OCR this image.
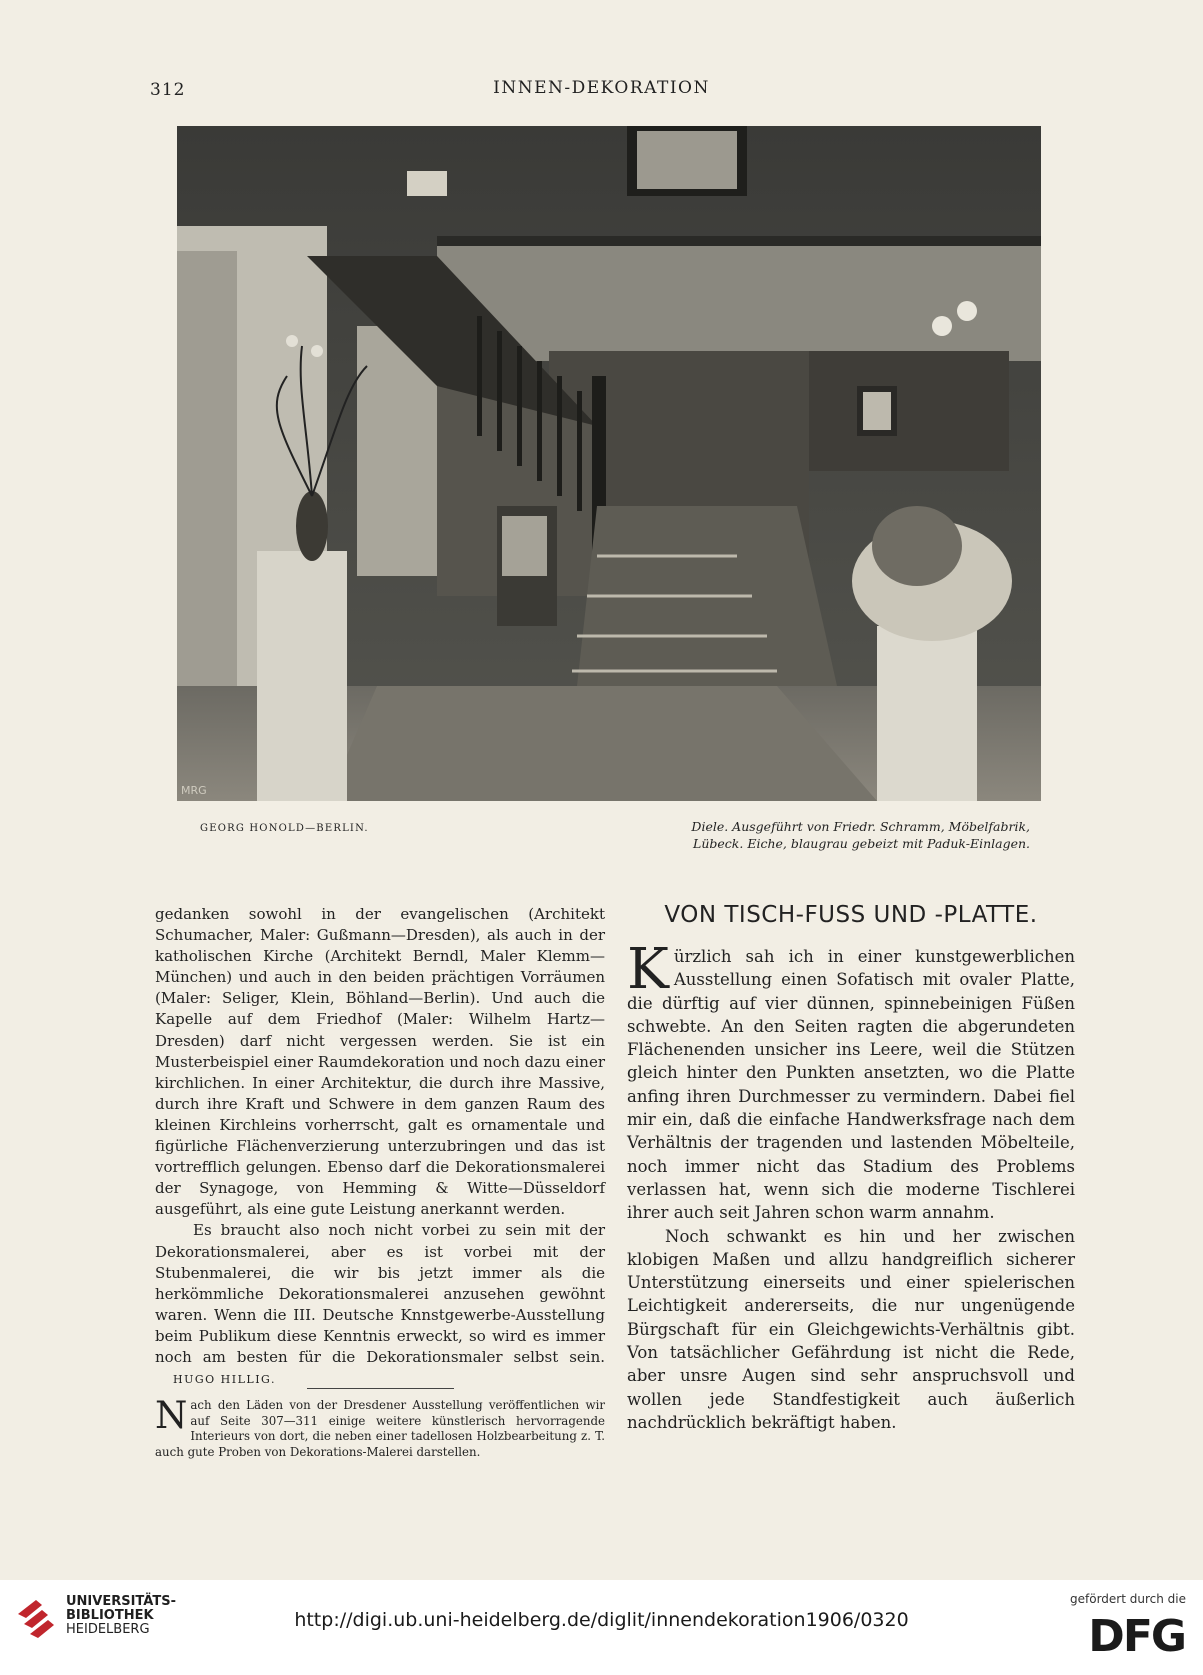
312	INNEN-DEKORATION
MRG
GEORG HONOLD—BERLIN.	Diele. Ausgeführt von Friedr. Schramm, Möbelfabrik,
Lübeck. Eiche, blaugrau gebeizt mit Paduk-Einlagen.

gedanken sowohl in der evangelischen (Architekt Schumacher, Maler: Gußmann—Dresden), als auch in der katholischen Kirche (Architekt Berndl, Maler Klemm—München) und auch in den beiden prächtigen Vorräumen (Maler: Seliger, Klein, Böhland—Berlin). Und auch die Kapelle auf dem Friedhof (Maler: Wilhelm Hartz—Dresden) darf nicht vergessen werden. Sie ist ein Musterbeispiel einer Raumdekoration und noch dazu einer kirchlichen. In einer Architektur, die durch ihre Massive, durch ihre Kraft und Schwere in dem ganzen Raum des kleinen Kirchleins vorherrscht, galt es ornamentale und figürliche Flächenverzierung unterzubringen und das ist vortrefflich gelungen. Ebenso darf die Dekorationsmalerei der Synagoge, von Hemming & Witte—Düsseldorf ausgeführt, als eine gute Leistung anerkannt werden.

Es braucht also noch nicht vorbei zu sein mit der Dekorationsmalerei, aber es ist vorbei mit der Stubenmalerei, die wir bis jetzt immer als die herkömmliche Dekorationsmalerei anzusehen gewöhnt waren. Wenn die III. Deutsche Knnstgewerbe-Ausstellung beim Publikum diese Kenntnis erweckt, so wird es immer noch am besten für die Dekorationsmaler selbst sein. HUGO HILLIG.

N ach den Läden von der Dresdener Ausstellung veröffentlichen wir auf Seite 307—311 einige weitere künstlerisch hervorragende Interieurs von dort, die neben einer tadellosen Holzbearbeitung z. T. auch gute Proben von Dekorations-Malerei darstellen.
VON TISCH-FUSS UND -PLATTE.

K ürzlich sah ich in einer kunstgewerblichen Ausstellung einen Sofatisch mit ovaler Platte, die dürftig auf vier dünnen, spinnebeinigen Füßen schwebte. An den Seiten ragten die abgerundeten Flächenenden unsicher ins Leere, weil die Stützen gleich hinter den Punkten ansetzten, wo die Platte anfing ihren Durchmesser zu vermindern. Dabei fiel mir ein, daß die einfache Handwerksfrage nach dem Verhältnis der tragenden und lastenden Möbelteile, noch immer nicht das Stadium des Problems verlassen hat, wenn sich die moderne Tischlerei ihrer auch seit Jahren schon warm annahm.

Noch schwankt es hin und her zwischen klobigen Maßen und allzu handgreiflich sicherer Unterstützung einerseits und einer spielerischen Leichtigkeit andererseits, die nur ungenügende Bürgschaft für ein Gleichgewichts-Verhältnis gibt. Von tatsächlicher Gefährdung ist nicht die Rede, aber unsre Augen sind sehr anspruchsvoll und wollen jede Standfestigkeit auch äußerlich nachdrücklich bekräftigt haben.

UNIVERSITÄTS-
BIBLIOTHEK
HEIDELBERG	http://digi.ub.uni-heidelberg.de/diglit/innendekoration1906/0320
gefördert durch die
DFG
